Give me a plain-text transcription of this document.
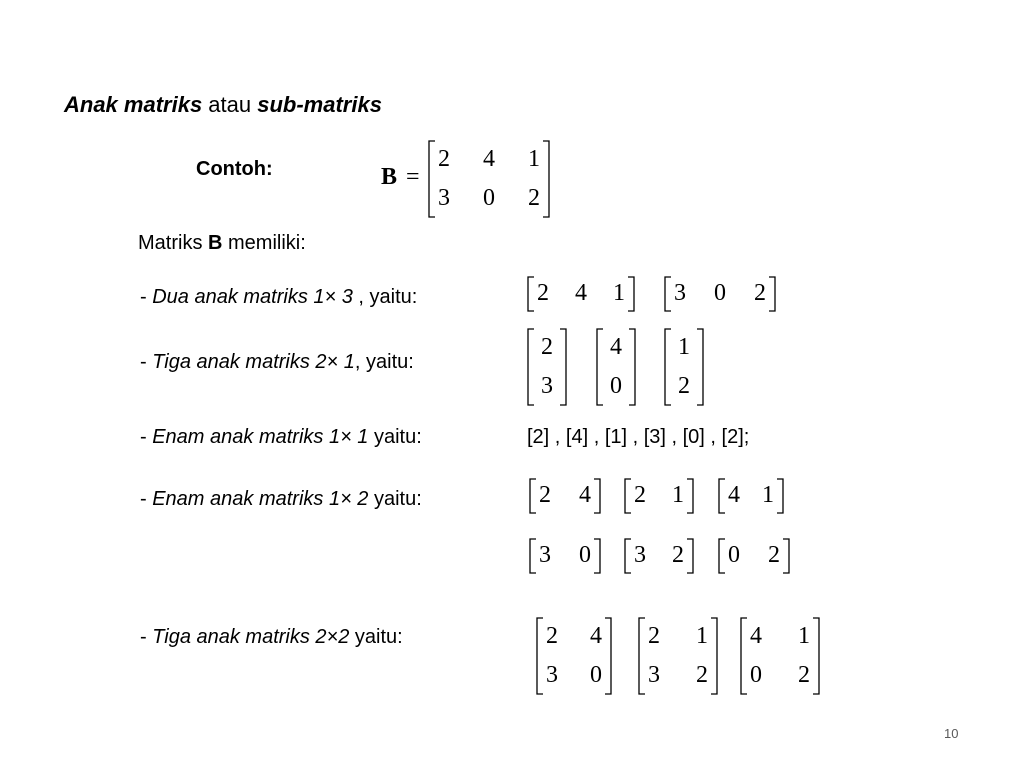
Anak matriks atau sub-matriks
Contoh:	B =
2 4 1
3 0 2
Matriks B memiliki:
- Dua anak matriks 1× 3 , yaitu:
- Tiga anak matriks 2× 1, yaitu:
- Enam anak matriks 1× 1 yaitu:	[2] , [4] , [1] , [3] , [0] , [2];
- Enam anak matriks 1× 2 yaitu:
- Tiga anak matriks 2×2 yaitu:
2 4 1 3 0 2
2
3
4
0
1
2
2 4 2 1 4 1
3 0 3 2 0 2
2 4
3 0
2 1
3 2
4 1
0 2
10
